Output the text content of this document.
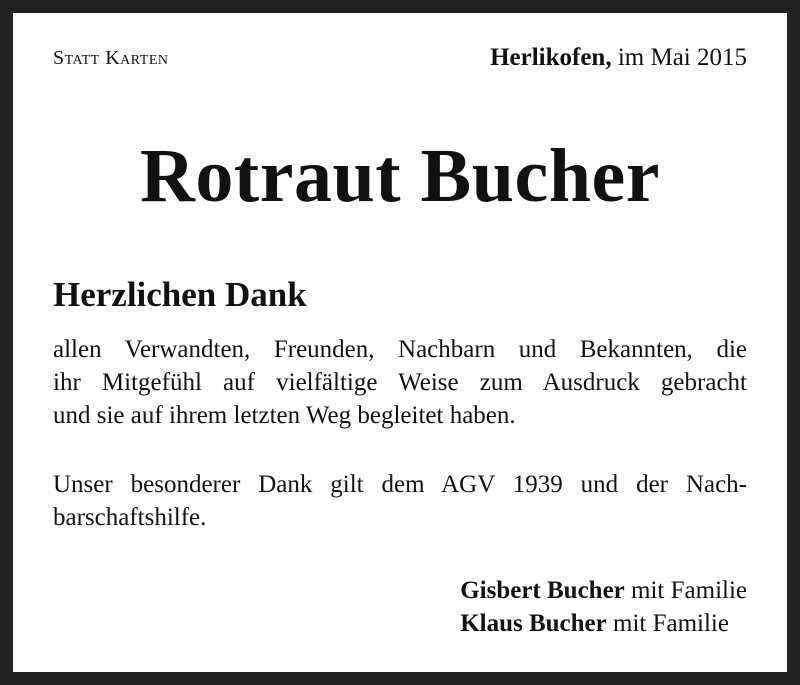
Statt Karten	Herlikofen, im Mai 2015
Rotraut Bucher
Herzlichen Dank
allen Verwandten, Freunden, Nachbarn und Bekannten, die
ihr Mitgefühl auf vielfältige Weise zum Ausdruck gebracht
und sie auf ihrem letzten Weg begleitet haben.
Unser besonderer Dank gilt dem AGV 1939 und der Nach-
barschaftshilfe.
Gisbert Bucher mit Familie
Klaus Bucher mit Familie
